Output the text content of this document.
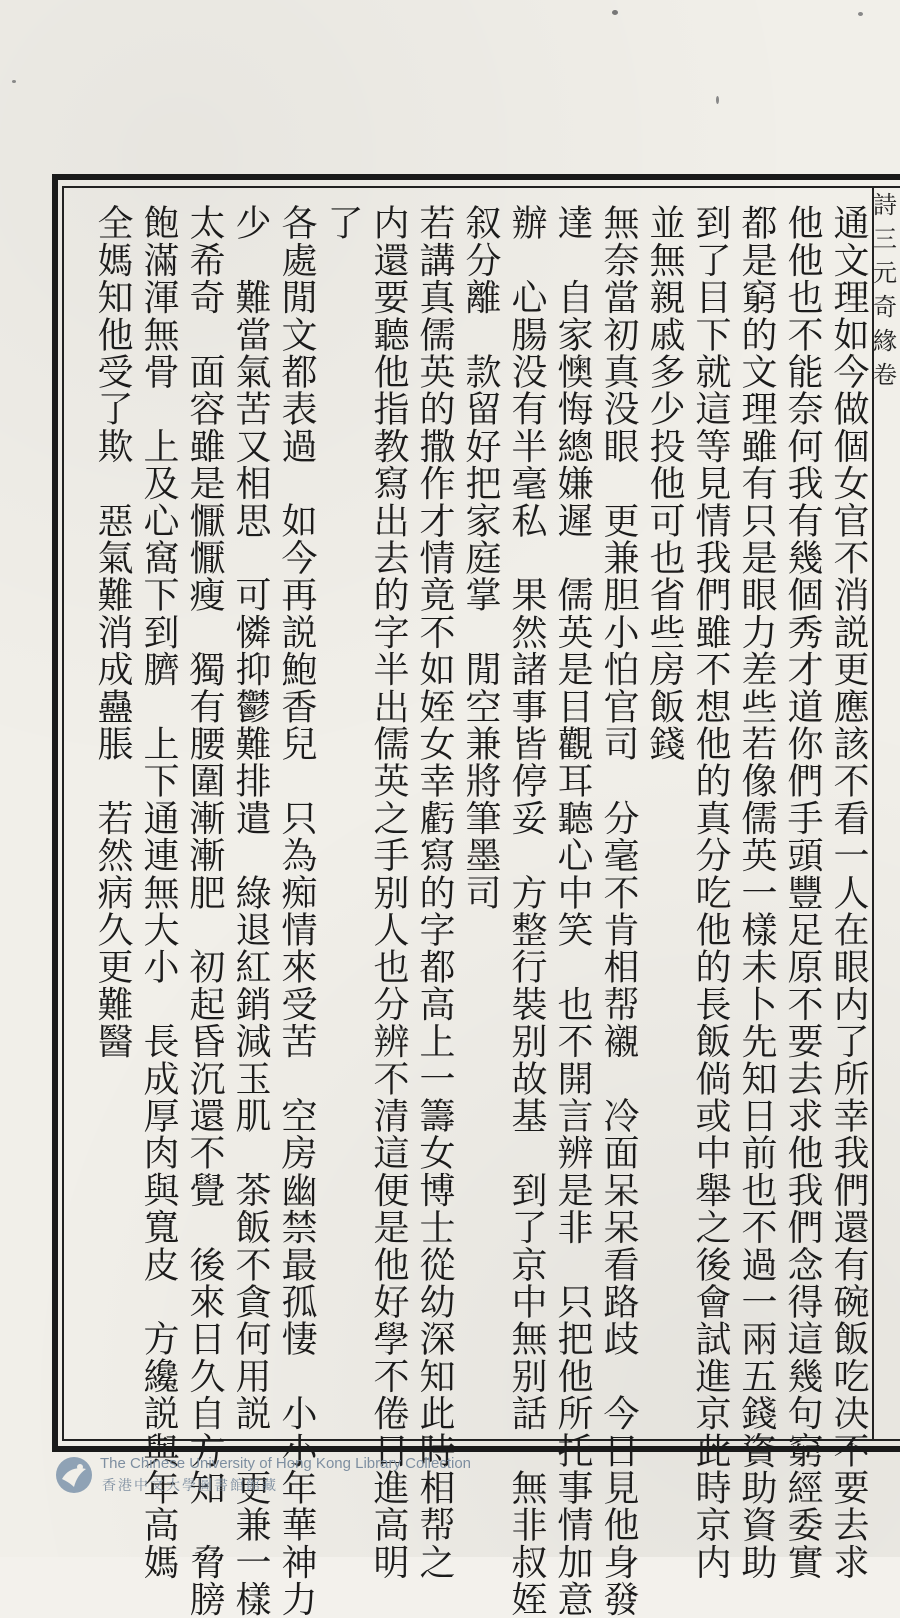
詩
三
元
奇
緣
卷
通文理如今做個女官不消説更應該不看一人在眼内了所幸我們還有碗飯吃决不要去求
他他也不能奈何我有幾個秀才道你們手頭豐足原不要去求他我們念得這幾句窮經委實
都是窮的文理雖有只是眼力差些若像儒英一樣未卜先知日前也不過一兩五錢資助資助
到了目下就這等見情我們雖不想他的真分吃他的長飯倘或中舉之後會試進京此時京内
並無親戚多少投他可也省些房飯錢
無奈當初真没眼　更兼胆小怕官司　分毫不肯相帮襯　冷面呆呆看路歧　今日見他身發
達　自家懊悔總嫌遲　儒英是目觀耳聽心中笑　也不開言辨是非　只把他所托事情加意
辦　心腸没有半毫私　果然諸事皆停妥　方整行裝别故基　到了京中無别話　無非叔姪
叙分離　款留好把家庭掌　閒空兼將筆墨司
若講真儒英的撒作才情竟不如姪女幸虧寫的字都高上一籌女博士從幼深知此時相帮之
内還要聽他指教寫出去的字半出儒英之手别人也分辨不清這便是他好學不倦日進高明
了
各處閒文都表過　如今再説鮑香兒　只為痴情來受苦　空房幽禁最孤悽　小小年華神力
少　難當氣苦又相思　可憐抑鬱難排遣　綠退紅銷減玉肌　茶飯不貪何用説　更兼一樣
太希奇　面容雖是懨懨瘦　獨有腰圍漸漸肥　初起昏沉還不覺　後來日久自方知　脅膀
飽滿渾無骨　上及心窩下到臍　上下通連無大小　長成厚肉與寬皮　方纔説與年高媽
全媽知他受了欺　惡氣難消成蠱脹　若然病久更難醫
The Chinese University of Hong Kong Library Collection
香港中文大學圖書館館藏
